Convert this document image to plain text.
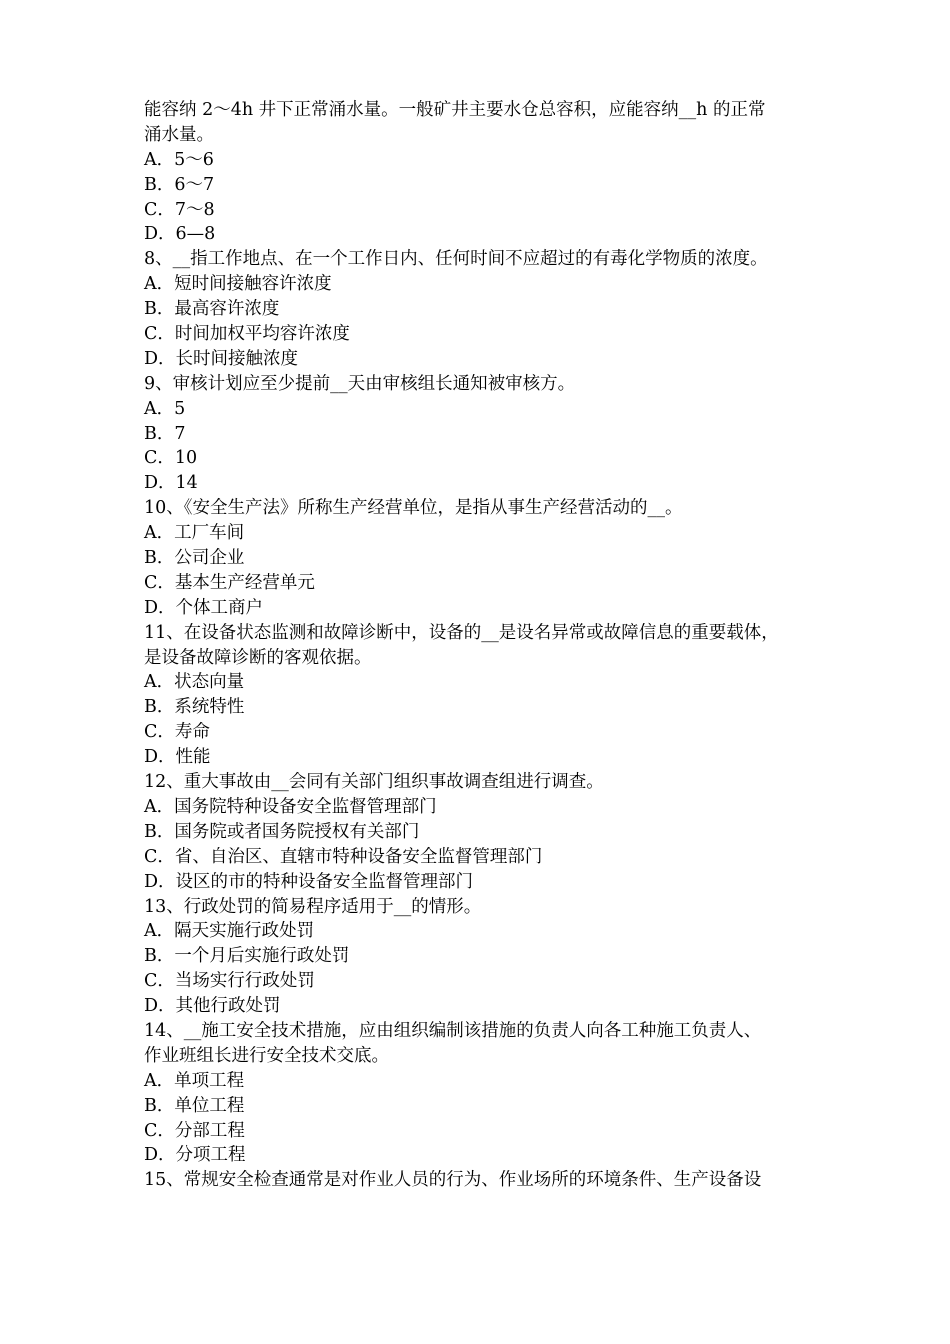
能容纳 2～4h 井下正常涌水量。一般矿井主要水仓总容积，应能容纳__h 的正常
涌水量。
A．5～6
B．6～7
C．7～8
D．6—8
8、__指工作地点、在一个工作日内、任何时间不应超过的有毒化学物质的浓度。
A．短时间接触容许浓度
B．最高容许浓度
C．时间加权平均容许浓度
D．长时间接触浓度
9、审核计划应至少提前__天由审核组长通知被审核方。
A．5
B．7
C．10
D．14
10、《安全生产法》所称生产经营单位，是指从事生产经营活动的__。
A．工厂车间
B．公司企业
C．基本生产经营单元
D．个体工商户
11、在设备状态监测和故障诊断中，设备的__是设名异常或故障信息的重要载体，
是设备故障诊断的客观依据。
A．状态向量
B．系统特性
C．寿命
D．性能
12、重大事故由__会同有关部门组织事故调查组进行调查。
A．国务院特种设备安全监督管理部门
B．国务院或者国务院授权有关部门
C．省、自治区、直辖市特种设备安全监督管理部门
D．设区的市的特种设备安全监督管理部门
13、行政处罚的简易程序适用于__的情形。
A．隔天实施行政处罚
B．一个月后实施行政处罚
C．当场实行行政处罚
D．其他行政处罚
14、__施工安全技术措施，应由组织编制该措施的负责人向各工种施工负责人、
作业班组长进行安全技术交底。
A．单项工程
B．单位工程
C．分部工程
D．分项工程
15、常规安全检查通常是对作业人员的行为、作业场所的环境条件、生产设备设
